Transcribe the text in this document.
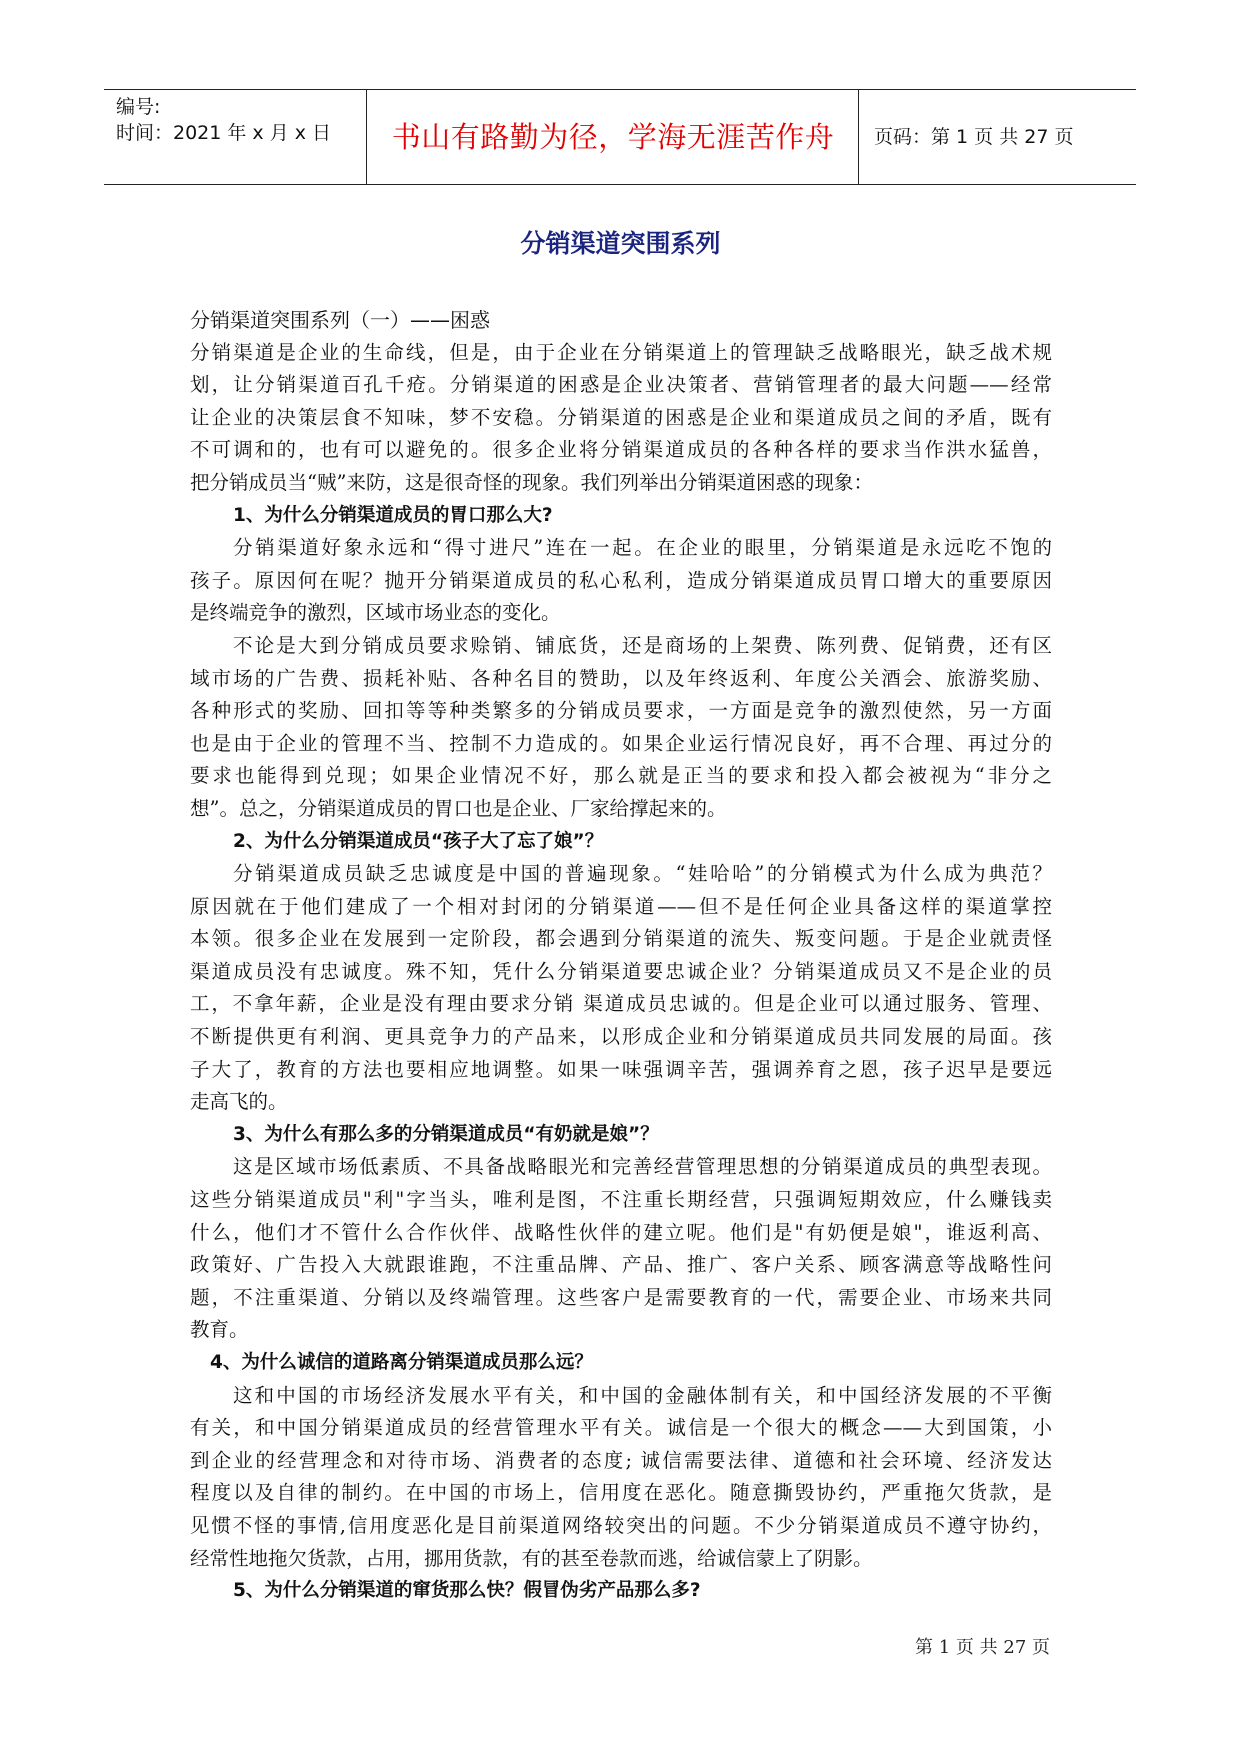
编号:
时间：2021 年 x 月 x 日	书山有路勤为径，学海无涯苦作舟	页码：第 1 页 共 27 页
分销渠道突围系列
分销渠道突围系列（一）——困惑
分销渠道是企业的生命线，但是，由于企业在分销渠道上的管理缺乏战略眼光，缺乏战术规
划，让分销渠道百孔千疮。分销渠道的困惑是企业决策者、营销管理者的最大问题——经常
让企业的决策层食不知味，梦不安稳。分销渠道的困惑是企业和渠道成员之间的矛盾，既有
不可调和的，也有可以避免的。很多企业将分销渠道成员的各种各样的要求当作洪水猛兽，
把分销成员当“贼”来防，这是很奇怪的现象。我们列举出分销渠道困惑的现象：
1、为什么分销渠道成员的胃口那么大?
分销渠道好象永远和“得寸进尺”连在一起。在企业的眼里，分销渠道是永远吃不饱的
孩子。原因何在呢？抛开分销渠道成员的私心私利，造成分销渠道成员胃口增大的重要原因
是终端竞争的激烈，区域市场业态的变化。
不论是大到分销成员要求赊销、铺底货，还是商场的上架费、陈列费、促销费，还有区
域市场的广告费、损耗补贴、各种名目的赞助，以及年终返利、年度公关酒会、旅游奖励、
各种形式的奖励、回扣等等种类繁多的分销成员要求，一方面是竞争的激烈使然，另一方面
也是由于企业的管理不当、控制不力造成的。如果企业运行情况良好，再不合理、再过分的
要求也能得到兑现；如果企业情况不好，那么就是正当的要求和投入都会被视为“非分之
想”。总之，分销渠道成员的胃口也是企业、厂家给撑起来的。
2、为什么分销渠道成员“孩子大了忘了娘”？
分销渠道成员缺乏忠诚度是中国的普遍现象。“娃哈哈”的分销模式为什么成为典范？
原因就在于他们建成了一个相对封闭的分销渠道——但不是任何企业具备这样的渠道掌控
本领。很多企业在发展到一定阶段，都会遇到分销渠道的流失、叛变问题。于是企业就责怪
渠道成员没有忠诚度。殊不知，凭什么分销渠道要忠诚企业？分销渠道成员又不是企业的员
工，不拿年薪，企业是没有理由要求分销 渠道成员忠诚的。但是企业可以通过服务、管理、
不断提供更有利润、更具竞争力的产品来，以形成企业和分销渠道成员共同发展的局面。孩
子大了，教育的方法也要相应地调整。如果一味强调辛苦，强调养育之恩，孩子迟早是要远
走高飞的。
3、为什么有那么多的分销渠道成员“有奶就是娘”？
这是区域市场低素质、不具备战略眼光和完善经营管理思想的分销渠道成员的典型表现。
这些分销渠道成员"利"字当头，唯利是图，不注重长期经营，只强调短期效应，什么赚钱卖
什么，他们才不管什么合作伙伴、战略性伙伴的建立呢。他们是"有奶便是娘"，谁返利高、
政策好、广告投入大就跟谁跑，不注重品牌、产品、推广、客户关系、顾客满意等战略性问
题，不注重渠道、分销以及终端管理。这些客户是需要教育的一代，需要企业、市场来共同
教育。
4、为什么诚信的道路离分销渠道成员那么远？
这和中国的市场经济发展水平有关，和中国的金融体制有关，和中国经济发展的不平衡
有关，和中国分销渠道成员的经营管理水平有关。诚信是一个很大的概念——大到国策，小
到企业的经营理念和对待市场、消费者的态度; 诚信需要法律、道德和社会环境、经济发达
程度以及自律的制约。在中国的市场上，信用度在恶化。随意撕毁协约，严重拖欠货款，是
见惯不怪的事情,信用度恶化是目前渠道网络较突出的问题。不少分销渠道成员不遵守协约，
经常性地拖欠货款，占用，挪用货款，有的甚至卷款而逃，给诚信蒙上了阴影。
5、为什么分销渠道的窜货那么快？假冒伪劣产品那么多?
第 1 页 共 27 页
